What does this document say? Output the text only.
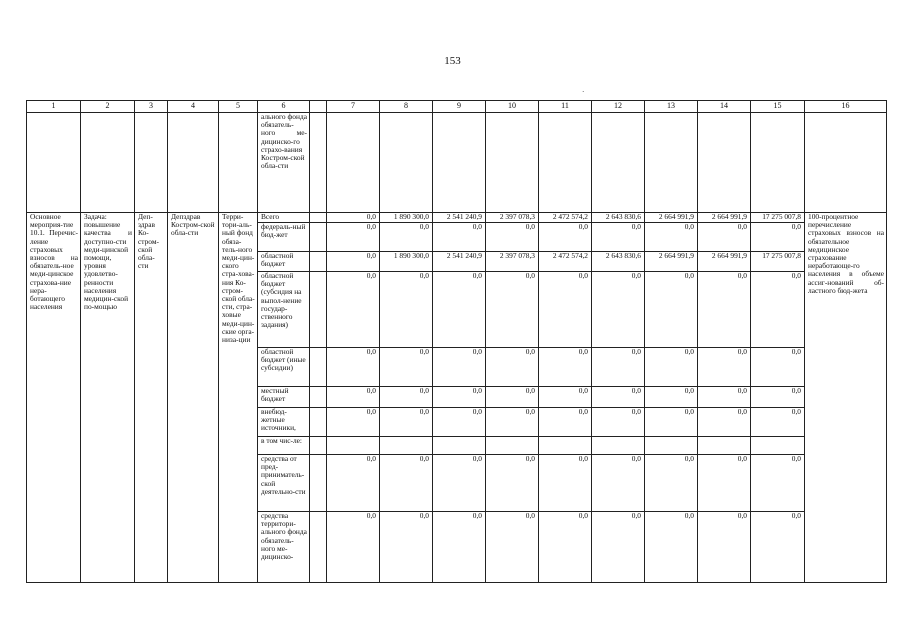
153
·
1	2	3	4	5	6		7	8	9	10	11	12	13	14	15	16
					ального фонда обязатель-ного ме-дицинско-го страхо-вания Костром-ской обла-сти											
Основное мероприя-тие 10.1. Перечис-ление страховых взносов на обязатель-ное меди-цинское страхова-ние нера-ботающего населения	Задача: повышение качества и доступно-сти меди-цинской помощи, уровня удовлетво-ренности населения медицин-ской по-мощью	Деп-здрав Ко-стром-ской обла-сти	Депздрав Костром-ской обла-сти	Терри-тори-аль-ный фонд обяза-тель-ного меди-цин-ского стра-хова-ния Ко-стром-ской обла-сти, стра-ховые меди-цин-ские орга-низа-ции	Всего		0,0	1 890 300,0	2 541 240,9	2 397 078,3	2 472 574,2	2 643 830,6	2 664 991,9	2 664 991,9	17 275 007,8	100-процентное перечисление страховых взносов на обязательное медицинское страхование неработающе-го населения в объеме ассиг-нований об-ластного бюд-жета
					федераль-ный бюд-жет		0,0	0,0	0,0	0,0	0,0	0,0	0,0	0,0	0,0	
					областной бюджет		0,0	1 890 300,0	2 541 240,9	2 397 078,3	2 472 574,2	2 643 830,6	2 664 991,9	2 664 991,9	17 275 007,8	
					областной бюджет (субсидия на выпол-нение государ-ственного задания)		0,0	0,0	0,0	0,0	0,0	0,0	0,0	0,0	0,0	
					областной бюджет (иные субсидии)		0,0	0,0	0,0	0,0	0,0	0,0	0,0	0,0	0,0	
					местный бюджет		0,0	0,0	0,0	0,0	0,0	0,0	0,0	0,0	0,0	
					внебюд-жетные источники,		0,0	0,0	0,0	0,0	0,0	0,0	0,0	0,0	0,0	
					в том чис-ле:											
					средства от пред-приниматель-ской деятельно-сти		0,0	0,0	0,0	0,0	0,0	0,0	0,0	0,0	0,0	
					средства территори-ального фонда обязатель-ного ме-дицинско-		0,0	0,0	0,0	0,0	0,0	0,0	0,0	0,0	0,0	
